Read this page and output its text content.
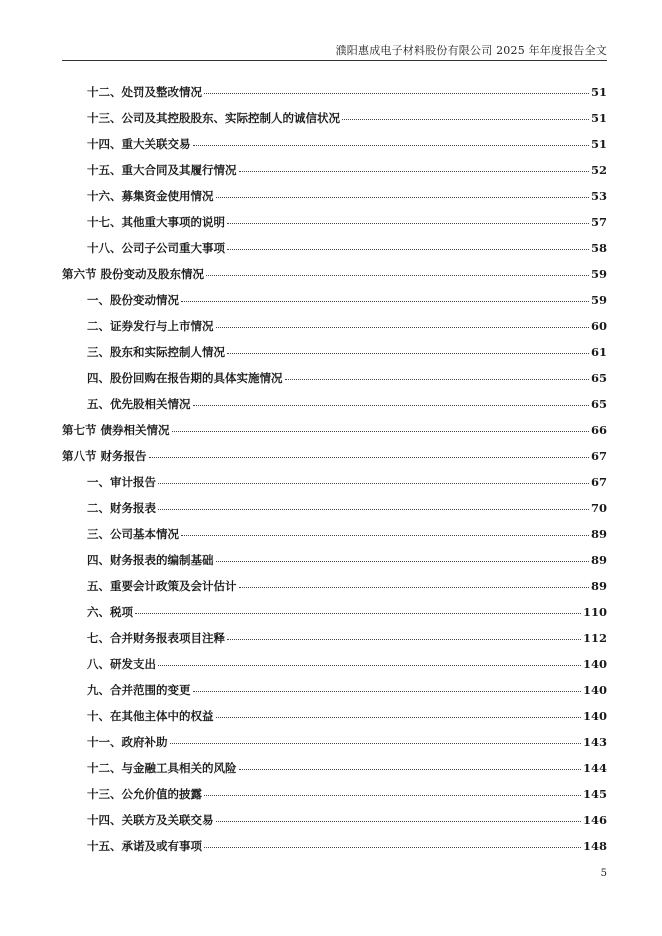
濮阳惠成电子材料股份有限公司 2025 年年度报告全文
十二、处罚及整改情况	51
十三、公司及其控股股东、实际控制人的诚信状况	51
十四、重大关联交易	51
十五、重大合同及其履行情况	52
十六、募集资金使用情况	53
十七、其他重大事项的说明	57
十八、公司子公司重大事项	58
第六节 股份变动及股东情况	59
一、股份变动情况	59
二、证券发行与上市情况	60
三、股东和实际控制人情况	61
四、股份回购在报告期的具体实施情况	65
五、优先股相关情况	65
第七节 债券相关情况	66
第八节 财务报告	67
一、审计报告	67
二、财务报表	70
三、公司基本情况	89
四、财务报表的编制基础	89
五、重要会计政策及会计估计	89
六、税项	110
七、合并财务报表项目注释	112
八、研发支出	140
九、合并范围的变更	140
十、在其他主体中的权益	140
十一、政府补助	143
十二、与金融工具相关的风险	144
十三、公允价值的披露	145
十四、关联方及关联交易	146
十五、承诺及或有事项	148
5
